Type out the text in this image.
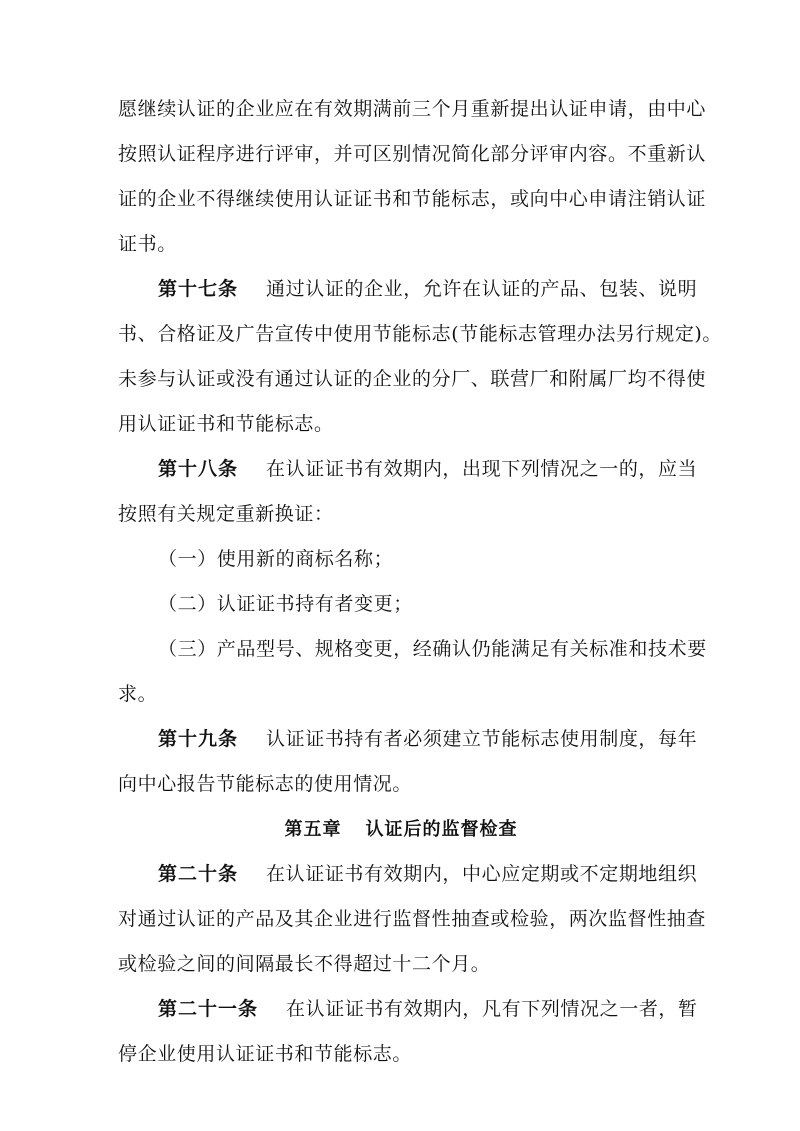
愿继续认证的企业应在有效期满前三个月重新提出认证申请，由中心
按照认证程序进行评审，并可区别情况简化部分评审内容。不重新认
证的企业不得继续使用认证证书和节能标志，或向中心申请注销认证
证书。
第十七条 通过认证的企业，允许在认证的产品、包装、说明
书、合格证及广告宣传中使用节能标志(节能标志管理办法另行规定)。
未参与认证或没有通过认证的企业的分厂、联营厂和附属厂均不得使
用认证证书和节能标志。
第十八条 在认证证书有效期内，出现下列情况之一的，应当
按照有关规定重新换证：
（一）使用新的商标名称；
（二）认证证书持有者变更；
（三）产品型号、规格变更，经确认仍能满足有关标准和技术要
求。
第十九条 认证证书持有者必须建立节能标志使用制度，每年
向中心报告节能标志的使用情况。
第五章 认证后的监督检查
第二十条 在认证证书有效期内，中心应定期或不定期地组织
对通过认证的产品及其企业进行监督性抽查或检验，两次监督性抽查
或检验之间的间隔最长不得超过十二个月。
第二十一条 在认证证书有效期内，凡有下列情况之一者，暂
停企业使用认证证书和节能标志。
